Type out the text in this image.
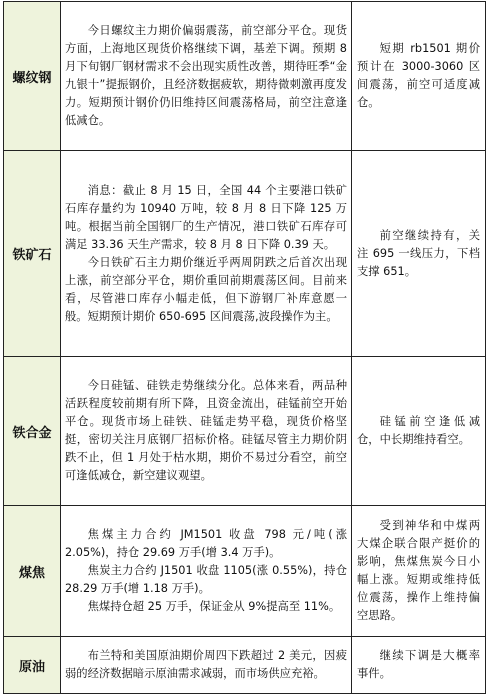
螺纹钢	今日螺纹主力期价偏弱震荡，前空部分平仓。现货方面，上海地区现货价格继续下调，基差下调。预期 8 月下旬钢厂钢材需求不会出现实质性改善，期待旺季“金九银十”提振钢价，且经济数据疲软，期待微刺激再度发力。短期预计钢价仍旧维持区间震荡格局，前空注意逢低减仓。	短期 rb1501 期价预计在 3000-3060 区间震荡，前空可适度减仓。

铁矿石	消息：截止 8 月 15 日，全国 44 个主要港口铁矿石库存量约为 10940 万吨，较 8 月 8 日下降 125 万吨。根据当前全国钢厂的生产情况，港口铁矿石库存可满足 33.36 天生产需求，较 8 月 8 日下降 0.39 天。

今日铁矿石主力期价继近乎两周阴跌之后首次出现上涨，前空部分平仓，期价重回前期震荡区间。目前来看，尽管港口库存小幅走低，但下游钢厂补库意愿一般。短期预计期价 650-695 区间震荡,波段操作为主。	前空继续持有，关注 695 一线压力，下档支撑 651。

铁合金	今日硅锰、硅铁走势继续分化。总体来看，两品种活跃程度较前期有所下降，且资金流出，硅锰前空开始平仓。现货市场上硅铁、硅锰走势平稳，现货价格坚挺，密切关注月底钢厂招标价格。硅锰尽管主力期价阴跌不止，但 1 月处于枯水期，期价不易过分看空，前空可逢低减仓，新空建议观望。	硅锰前空逢低减仓，中长期维持看空。

煤焦	焦煤主力合约 JM1501 收盘 798 元/吨(涨 2.05%)，持仓 29.69 万手(增 3.4 万手)。

焦炭主力合约 J1501 收盘 1105(涨 0.55%)，持仓 28.29 万手(增 1.18 万手)。

焦煤持仓超 25 万手，保证金从 9%提高至 11%。	受到神华和中煤两大煤企联合限产挺价的影响，焦煤焦炭今日小幅上涨。短期或维持低位震荡，操作上维持偏空思路。

原油	布兰特和美国原油期价周四下跌超过 2 美元，因疲弱的经济数据暗示原油需求减弱，而市场供应充裕。	继续下调是大概率事件。
